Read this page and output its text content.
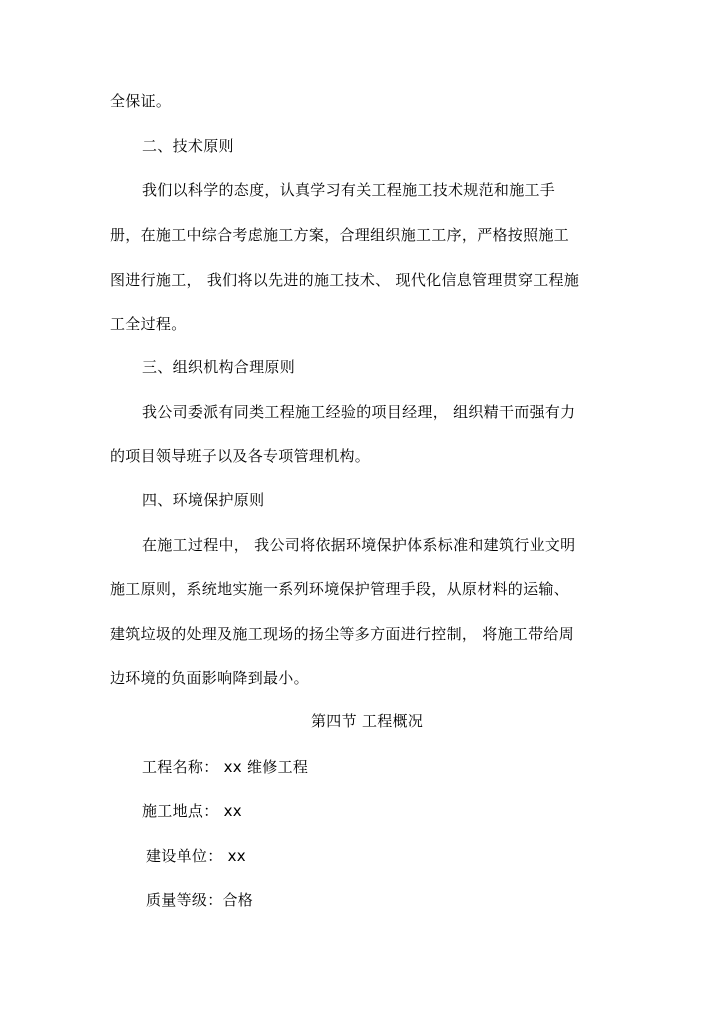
全保证。
二、技术原则
我们以科学的态度，认真学习有关工程施工技术规范和施工手
册，在施工中综合考虑施工方案，合理组织施工工序，严格按照施工
图进行施工， 我们将以先进的施工技术、 现代化信息管理贯穿工程施
工全过程。
三、组织机构合理原则
我公司委派有同类工程施工经验的项目经理， 组织精干而强有力
的项目领导班子以及各专项管理机构。
四、环境保护原则
在施工过程中， 我公司将依据环境保护体系标准和建筑行业文明
施工原则，系统地实施一系列环境保护管理手段，从原材料的运输、
建筑垃圾的处理及施工现场的扬尘等多方面进行控制， 将施工带给周
边环境的负面影响降到最小。
第四节 工程概况
工程名称： xx 维修工程
施工地点： xx
建设单位： xx
质量等级：合格
